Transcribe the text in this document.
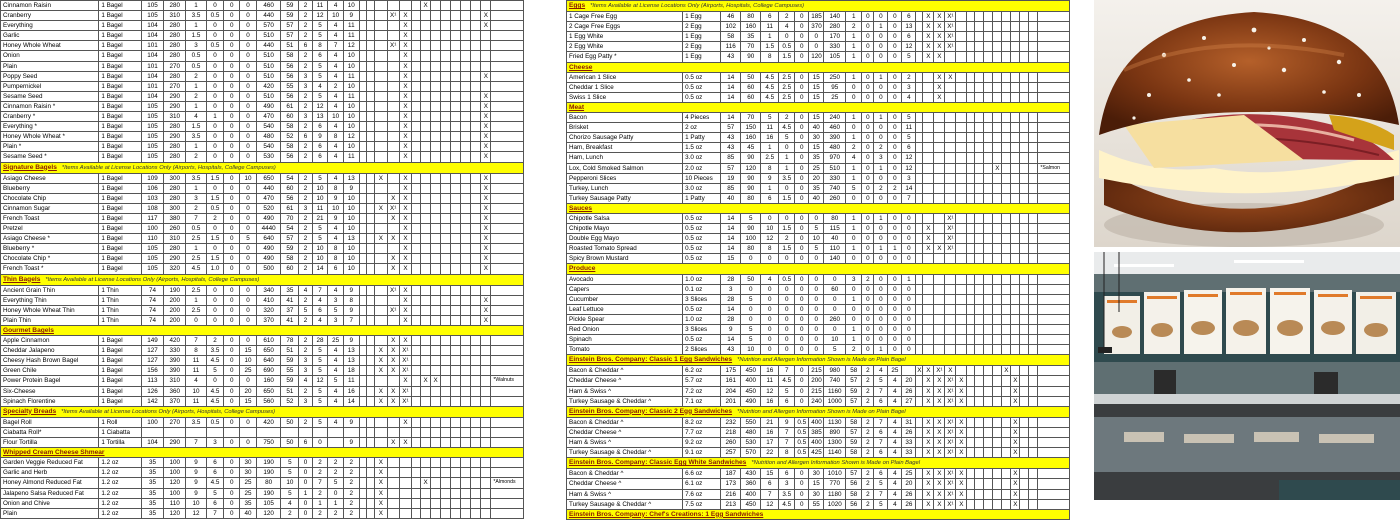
Cinnamon Raisin	1 Bagel	105	280	1	0	0	0	460	59	2	11	4	10							X							
Cranberry	1 Bagel	105	310	3.5	0.5	0	0	440	59	2	12	10	9				X¹	X								X	
Everything	1 Bagel	104	280	1	0	0	0	570	57	2	5	4	11					X								X	
Garlic	1 Bagel	104	280	1.5	0	0	0	510	57	2	5	4	11					X									
Honey Whole Wheat	1 Bagel	101	280	3	0.5	0	0	440	51	6	8	7	12				X¹	X									
Onion	1 Bagel	104	280	0.5	0	0	0	510	58	2	6	4	10					X									
Plain	1 Bagel	101	270	0.5	0	0	0	510	56	2	5	4	10					X									
Poppy Seed	1 Bagel	104	280	2	0	0	0	510	56	3	5	4	11					X								X	
Pumpernickel	1 Bagel	101	270	1	0	0	0	420	55	3	4	2	10					X									
Sesame Seed	1 Bagel	104	290	2	0	0	0	510	56	2	5	4	11					X								X	
Cinnamon Raisin *	1 Bagel	105	290	1	0	0	0	490	61	2	12	4	10					X								X	
Cranberry *	1 Bagel	105	310	4	1	0	0	470	60	3	13	10	10					X								X	
Everything *	1 Bagel	105	280	1.5	0	0	0	540	58	2	6	4	10					X								X	
Honey Whole Wheat *	1 Bagel	105	290	3.5	0	0	0	480	52	6	9	8	12					X								X	
Plain *	1 Bagel	105	280	1	0	0	0	540	58	2	6	4	10					X								X	
Sesame Seed *	1 Bagel	105	280	2	0	0	0	530	56	2	6	4	11					X								X	
Signature Bagels *Items Available at License Locations Only (Airports, Hospitals, College Campuses)																											
Asiago Cheese	1 Bagel	109	300	3.5	1.5	0	10	650	54	2	5	4	13			X		X								X	
Blueberry	1 Bagel	106	280	1	0	0	0	440	60	2	10	8	9					X								X	
Chocolate Chip	1 Bagel	103	280	3	1.5	0	0	470	56	2	10	9	10				X	X								X	
Cinnamon Sugar	1 Bagel	108	300	2	0.5	0	0	520	61	3	11	10	10			X	X¹	X								X	
French Toast	1 Bagel	117	380	7	2	0	0	490	70	2	21	9	10				X	X								X	
Pretzel	1 Bagel	100	260	0.5	0	0	0	4440	54	2	5	4	10					X								X	
Asiago Cheese *	1 Bagel	110	310	2.5	1.5	0	5	640	57	2	5	4	13			X	X	X								X	
Blueberry *	1 Bagel	105	280	1	0	0	0	490	59	2	10	8	10					X								X	
Chocolate Chip *	1 Bagel	105	290	2.5	1.5	0	0	490	58	2	10	8	10				X	X								X	
French Toast *	1 Bagel	105	320	4.5	1.0	0	0	500	60	2	14	6	10				X	X								X	
Thin Bagels *Items Available at License Locations Only (Airports, Hospitals, College Campuses)																											
Ancient Grain Thin	1 Thin	74	190	2.5	0	0	0	340	35	4	7	4	9				X¹	X									
Everything Thin	1 Thin	74	200	1	0	0	0	410	41	2	4	3	8					X								X	
Honey Whole Wheat Thin	1 Thin	74	200	2.5	0	0	0	320	37	5	6	5	9				X¹	X								X	
Plain Thin	1 Thin	74	200	0	0	0	0	370	41	2	4	3	7					X								X	
Gourmet Bagels																											
Apple Cinnamon	1 Bagel	149	420	7	2	0	0	610	78	2	28	25	9				X	X									
Cheddar Jalapeno	1 Bagel	127	330	8	3.5	0	15	650	51	2	5	4	13			X	X	X¹									
Cheesy Hash Brown Bagel	1 Bagel	127	390	11	4.5	0	10	640	59	3	5	4	13			X	X	X¹									
Green Chile	1 Bagel	156	390	11	5	0	25	690	55	3	5	4	18			X	X	X¹									
Power Protein Bagel	1 Bagel	113	310	4	0	0	0	160	59	4	12	5	11					X		X	X						*Walnuts
Six-Cheese	1 Bagel	126	360	10	4.5	0	20	650	51	2	5	4	16			X	X	X¹									
Spinach Florentine	1 Bagel	142	370	11	4.5	0	15	560	52	3	5	4	14			X	X	X¹									
Specialty Breads *Items Available at License Locations Only (Airports, Hospitals, College Campuses)																											
Bagel Roll	1 Roll	100	270	3.5	0.5	0	0	420	50	2	5	4	9					X									
Ciabatta Roll*	1 Ciabatta																										
Flour Tortilla	1 Tortilla	104	290	7	3	0	0	750	50	6	0		9				X	X									
Whipped Cream Cheese Shmear																											
Garden Veggie Reduced Fat	1.2 oz	35	100	9	6	0	30	190	5	0	2	2	2			X											
Garlic and Herb	1.2 oz	35	100	9	6	0	30	190	5	0	2	2	2			X											
Honey Almond Reduced Fat	1.2 oz	35	120	9	4.5	0	25	80	10	0	7	5	2			X				X							*Almonds
Jalapeno Salsa Reduced Fat	1.2 oz	35	100	9	5	0	25	190	5	1	2	0	2			X											
Onion and Chive	1.2 oz	35	110	10	6	0	35	105	4	0	1	1	2			X											
Plain	1.2 oz	35	120	12	7	0	40	120	2	0	2	2	2			X											
Eggs *Items Available at License Locations Only (Airports, Hospitals, College Campuses)																											
1 Cage Free Egg	1 Egg	46	80	6	2	0	185	140	1	0	0	0	6		X	X	X¹										
2 Cage Free Eggs	2 Egg	102	160	11	4	0	370	280	2	0	1	0	13		X	X	X¹										
1 Egg White	1 Egg	58	35	1	0	0	0	170	1	0	0	0	6		X	X	X¹										
2 Egg White	2 Egg	116	70	1.5	0.5	0	0	330	1	0	0	0	12		X	X	X¹										
Fried Egg Patty *	1 Egg	43	90	8	1.5	0	120	105	1	0	0	0	5		X	X											
Cheese																											
American 1 Slice	0.5 oz	14	50	4.5	2.5	0	15	250	1	0	1	0	2			X	X										
Cheddar 1 Slice	0.5 oz	14	60	4.5	2.5	0	15	95	0	0	0	0	3			X											
Swiss 1 Slice	0.5 oz	14	60	4.5	2.5	0	15	25	0	0	0	0	4			X											
Meat																											
Bacon	4 Pieces	14	70	5	2	0	15	240	1	0	1	0	5														
Brisket	2 oz	57	150	11	4.5	0	40	460	0	0	0	0	11														
Chorizo Sausage Patty	1 Patty	43	160	16	5	0	30	390	1	0	0	0	5														
Ham, Breakfast	1.5 oz	43	45	1	0	0	15	480	2	0	2	0	6														
Ham, Lunch	3.0 oz	85	90	2.5	1	0	35	970	4	0	3	0	12														
Lox, Cold Smoked Salmon	2.0 oz	57	120	8	1	0	25	510	1	0	1	0	12									X					*Salmon
Pepperoni Slices	10 Pieces	19	90	9	3.5	0	20	330	1	0	0	0	3														
Turkey, Lunch	3.0 oz	85	90	1	0	0	35	740	5	0	2	2	14														
Turkey Sausage Patty	1 Patty	40	80	6	1.5	0	40	260	0	0	0	0	7														
Sauces																											
Chipotle Salsa	0.5 oz	14	5	0	0	0	0	80	1	0	1	0	0				X¹										
Chipotle Mayo	0.5 oz	14	90	10	1.5	0	5	115	1	0	0	0	0		X		X¹										
Double Egg Mayo	0.5 oz	14	100	12	2	0	10	40	0	0	0	0	0		X		X¹										
Roasted Tomato Spread	0.5 oz	14	80	8	1.5	0	5	110	1	0	1	1	0		X	X	X¹										
Spicy Brown Mustard	0.5 oz	15	0	0	0	0	0	140	0	0	0	0	0														
Produce																											
Avocado	1.0 oz	28	50	4	0.5	0	0	0	3	2	0	0	1														
Capers	0.1 oz	3	0	0	0	0	0	60	0	0	0	0	0														
Cucumber	3 Slices	28	5	0	0	0	0	0	1	0	0	0	0														
Leaf Lettuce	0.5 oz	14	0	0	0	0	0	0	0	0	0	0	0														
Pickle Spear	1.0 oz	28	0	0	0	0	0	260	0	0	0	0	0														
Red Onion	3 Slices	9	5	0	0	0	0	0	1	0	0	0	0														
Spinach	0.5 oz	14	5	0	0	0	0	10	1	0	0	0	0														
Tomato	2 Slices	43	10	0	0	0	0	5	2	0	1	0	0														
Einstein Bros. Company: Classic 1 Egg Sandwiches *Nutrition and Allergen Information Shown is Made on Plain Bagel																											
Bacon & Cheddar ^	6.2 oz	175	450	16	7	0	215	980	58	2	4	25		X	X	X¹	X						X				
Cheddar Cheese ^	5.7 oz	161	400	11	4.5	0	200	740	57	2	5	4	20		X	X	X¹	X						X			
Ham & Swiss ^	7.2 oz	204	450	12	5	0	215	1160	59	2	7	4	26		X	X	X¹	X						X			
Turkey Sausage & Cheddar ^	7.1 oz	201	490	16	6	0	240	1000	57	2	6	4	27		X	X	X¹	X						X			
Einstein Bros. Company: Classic 2 Egg Sandwiches *Nutrition and Allergen Information Shown is Made on Plain Bagel																											
Bacon & Cheddar ^	8.2 oz	232	550	21	9	0.5	400	1130	58	2	7	4	31		X	X	X¹	X						X			
Cheddar Cheese ^	7.7 oz	218	480	16	7	0.5	385	890	57	2	6	4	26		X	X	X¹	X						X			
Ham & Swiss ^	9.2 oz	260	530	17	7	0.5	400	1300	59	2	7	4	33		X	X	X¹	X						X			
Turkey Sausage & Cheddar ^	9.1 oz	257	570	22	8	0.5	425	1140	58	2	6	4	33		X	X	X¹	X						X			
Einstein Bros. Company: Classic Egg White Sandwiches *Nutrition and Allergen Information Shown is Made on Plain Bagel																											
Bacon & Cheddar ^	6.6 oz	187	430	15	6	0	30	1010	57	2	6	4	25		X	X	X¹	X						X			
Cheddar Cheese ^	6.1 oz	173	360	6	3	0	15	770	56	2	5	4	20		X	X	X¹	X						X			
Ham & Swiss ^	7.6 oz	216	400	7	3.5	0	30	1180	58	2	7	4	26		X	X	X¹	X						X			
Turkey Sausage & Cheddar ^	7.5 oz	213	450	12	4.5	0	55	1020	56	2	5	4	26		X	X	X¹	X						X			
Einstein Bros. Company: Chef's Creations: 1 Egg Sandwiches																											
